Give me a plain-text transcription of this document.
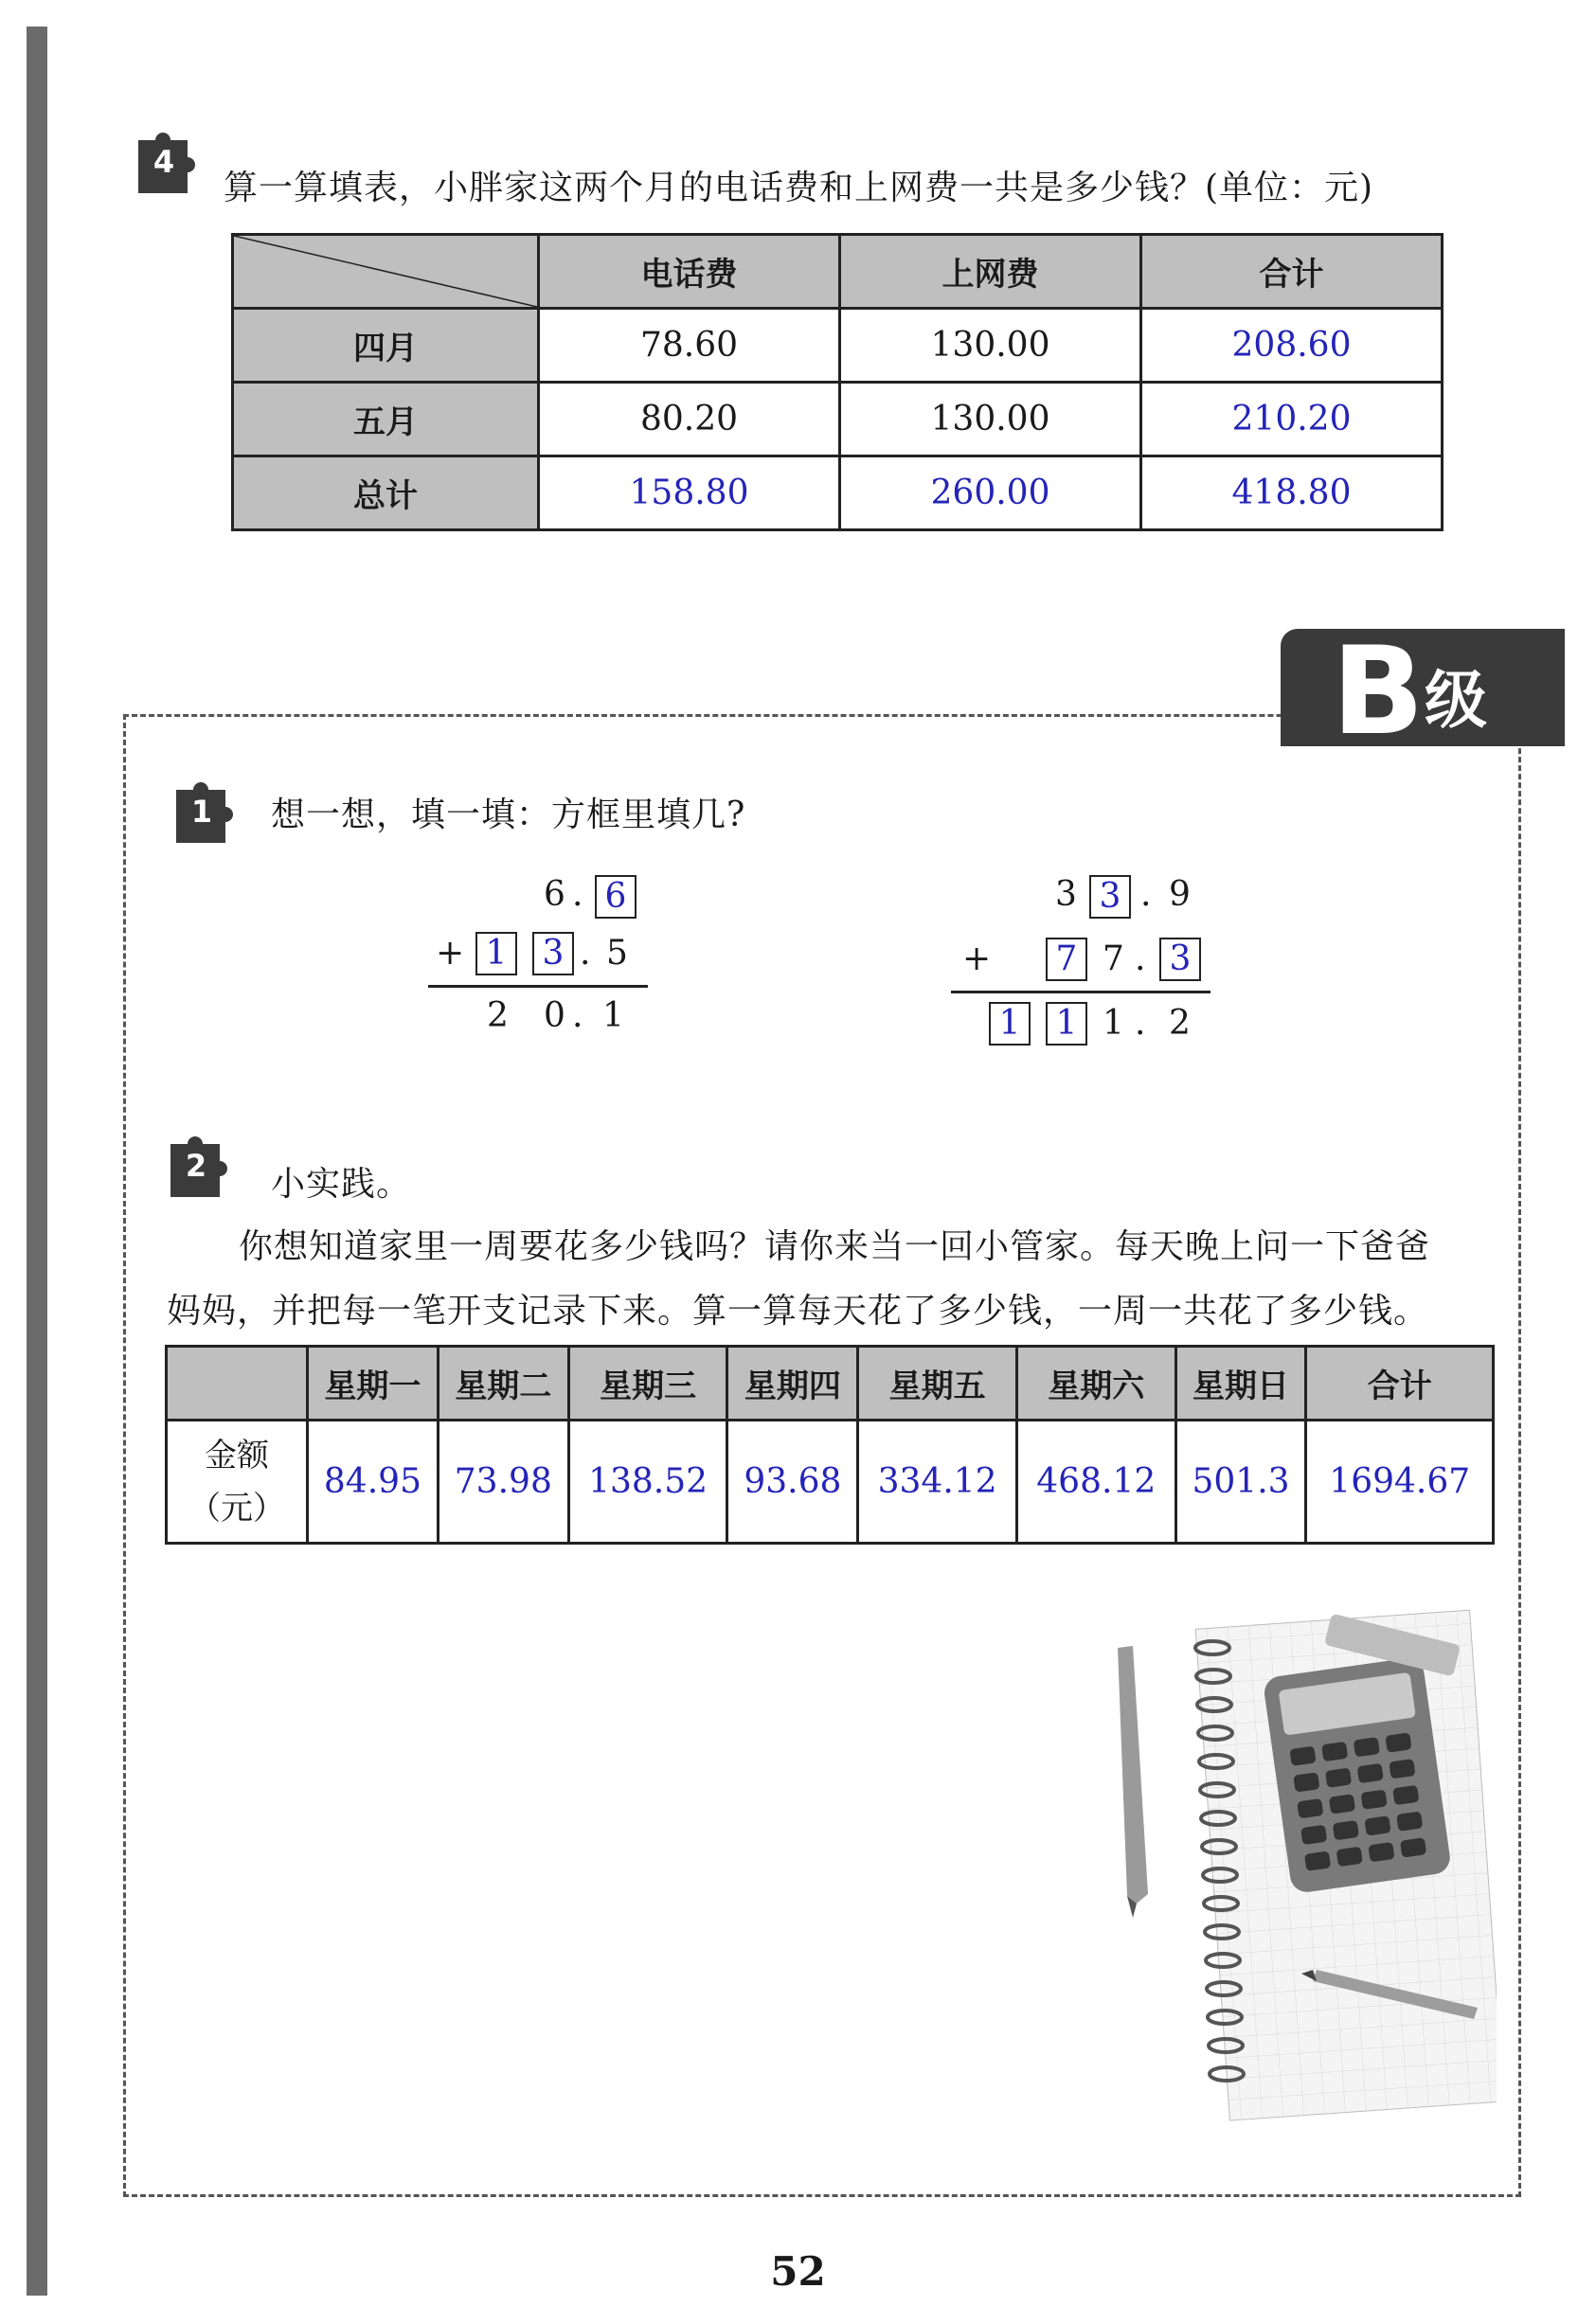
4
算一算填表，小胖家这两个月的电话费和上网费一共是多少钱？(单位：元)
	电话费	上网费	合计
四月	78.60	130.00	208.60
五月	80.20	130.00	210.20
总计	158.80	260.00	418.80
B 级
1	想一想，填一填：方框里填几?
6 . 6
+ 1 3 . 5
2 0 . 1
3 3 . 9
+ 7 7 . 3
1 1 1 . 2
2	小实践。
你想知道家里一周要花多少钱吗？请你来当一回小管家。每天晚上问一下爸爸
妈妈，并把每一笔开支记录下来。算一算每天花了多少钱，一周一共花了多少钱。
	星期一	星期二	星期三	星期四	星期五	星期六	星期日	合计

金额
（元）	84.95	73.98	138.52	93.68	334.12	468.12	501.3	1694.67
52
